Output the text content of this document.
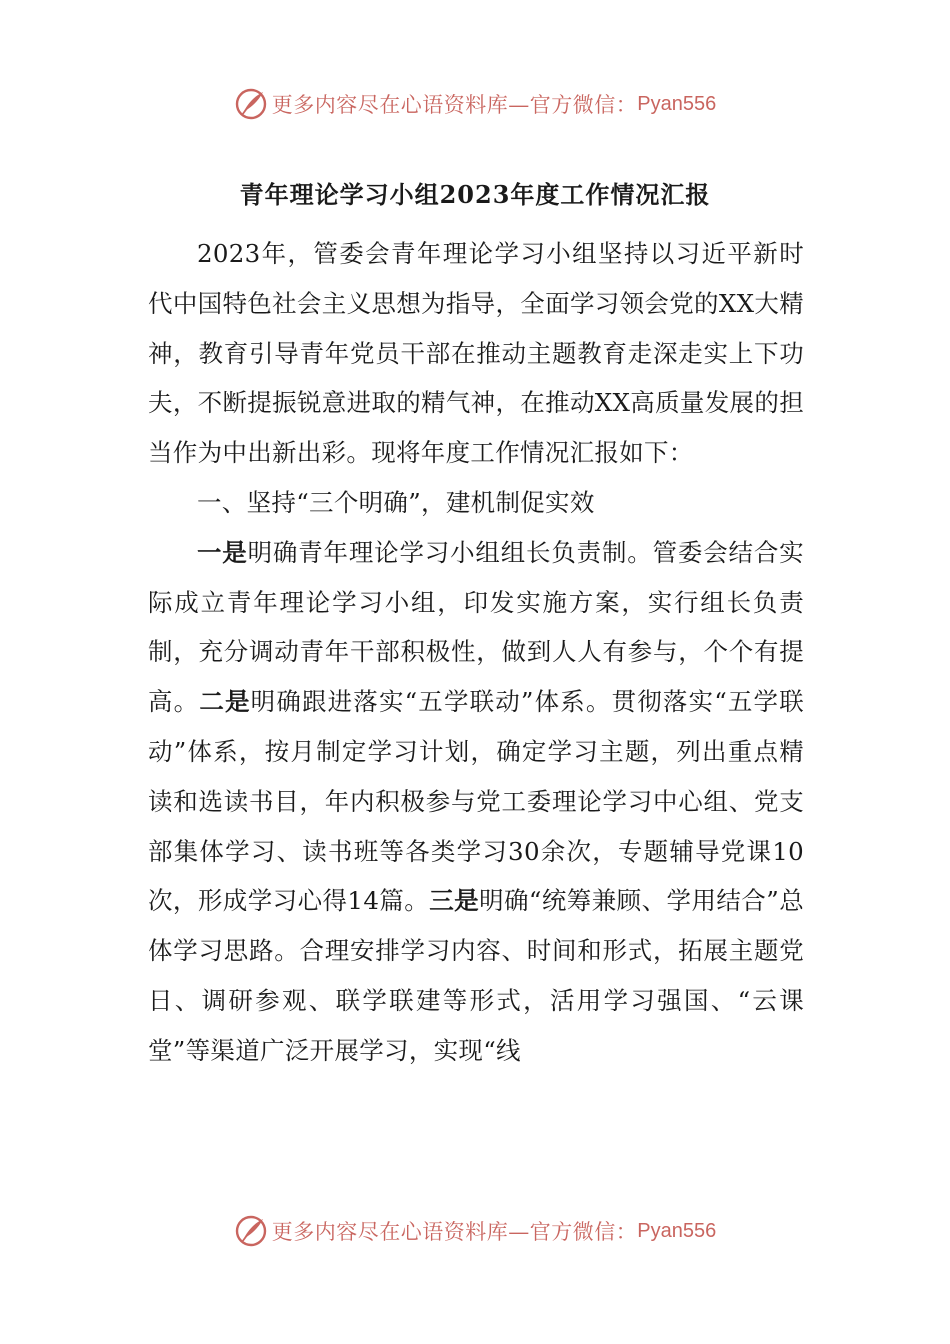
更多内容尽在心语资料库—官方微信： Pyan556
青年理论学习小组2023年度工作情况汇报

2023年，管委会青年理论学习小组坚持以习近平新时代中国特色社会主义思想为指导，全面学习领会党的XX大精神，教育引导青年党员干部在推动主题教育走深走实上下功夫，不断提振锐意进取的精气神，在推动XX高质量发展的担当作为中出新出彩。现将年度工作情况汇报如下：

一、坚持“三个明确”，建机制促实效

一是明确青年理论学习小组组长负责制。管委会结合实际成立青年理论学习小组，印发实施方案，实行组长负责制，充分调动青年干部积极性，做到人人有参与，个个有提高。二是明确跟进落实“五学联动”体系。贯彻落实“五学联动”体系，按月制定学习计划，确定学习主题，列出重点精读和选读书目，年内积极参与党工委理论学习中心组、党支部集体学习、读书班等各类学习30余次，专题辅导党课10次，形成学习心得14篇。三是明确“统筹兼顾、学用结合”总体学习思路。合理安排学习内容、时间和形式，拓展主题党日、调研参观、联学联建等形式，活用学习强国、“云课堂”等渠道广泛开展学习，实现“线

更多内容尽在心语资料库—官方微信： Pyan556
